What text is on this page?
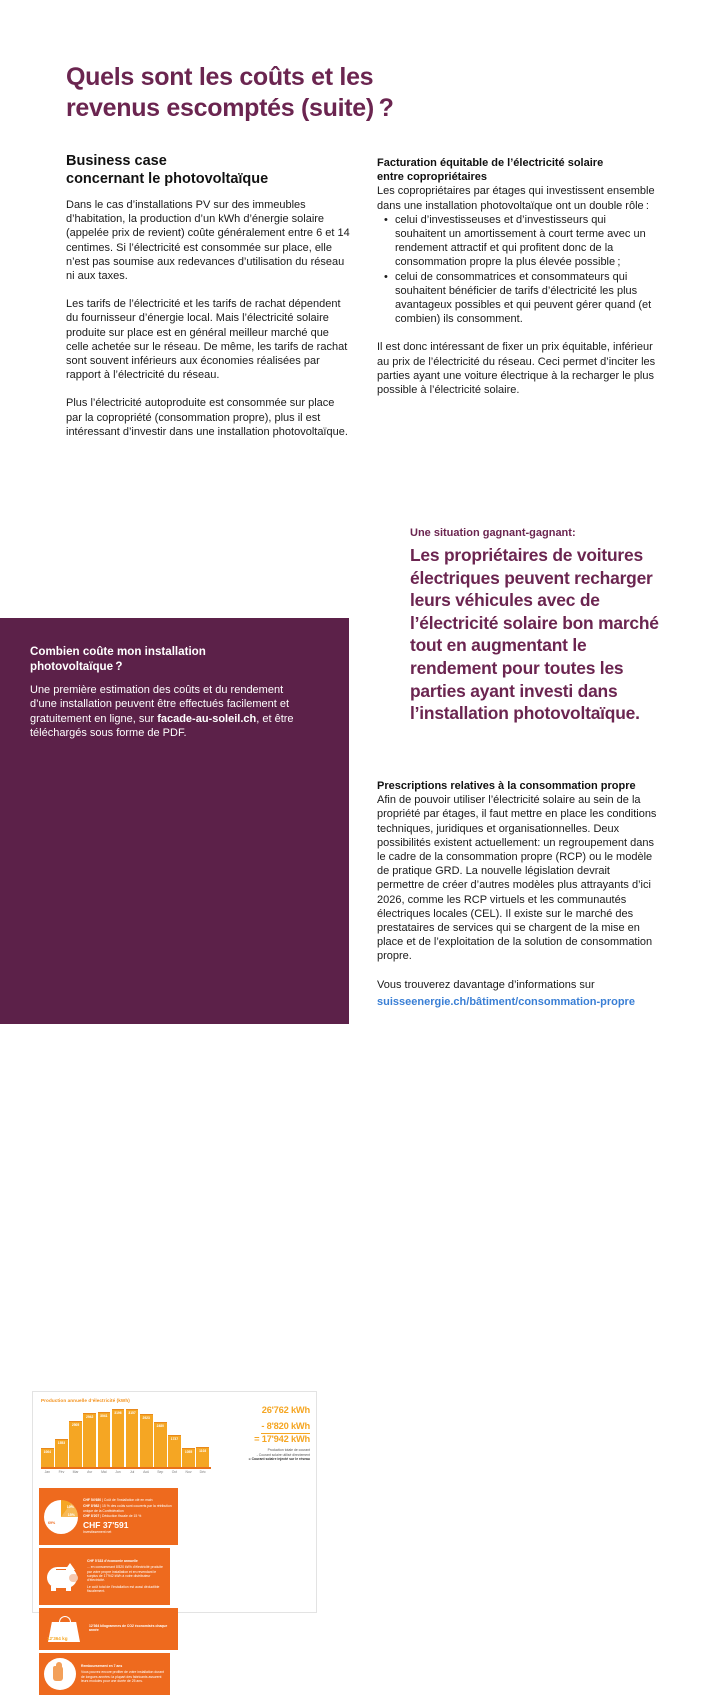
Quels sont les coûts et les
revenus escomptés (suite) ?
Business case
concernant le photovoltaïque

Dans le cas d’installations PV sur des immeubles d’habitation, la production d’un kWh d’énergie solaire (appelée prix de revient) coûte généralement entre 6 et 14 centimes. Si l’électricité est consommée sur place, elle n’est pas soumise aux redevances d’utilisation du réseau ni aux taxes.

Les tarifs de l’électricité et les tarifs de rachat dépendent du fournisseur d’énergie local. Mais l’électricité solaire produite sur place est en général meilleur marché que celle achetée sur le réseau. De même, les tarifs de rachat sont souvent inférieurs aux économies réalisées par rapport à l’électricité du réseau.

Plus l’électricité autoproduite est consommée sur place par la copropriété (consommation propre), plus il est intéressant d’investir dans une installation photovoltaïque.

Facturation équitable de l’électricité solaire
entre copropriétaires

Les copropriétaires par étages qui investissent ensemble dans une installation photovoltaïque ont un double rôle :

• celui d’investisseuses et d’investisseurs qui souhaitent un amortissement à court terme avec un rendement attractif et qui profitent donc de la consommation propre la plus élevée possible ;
• celui de consommatrices et consommateurs qui souhaitent bénéficier de tarifs d’électricité les plus avantageux possibles et qui peuvent gérer quand (et combien) ils consomment.

Il est donc intéressant de fixer un prix équitable, inférieur au prix de l’électricité du réseau. Ceci permet d’inciter les parties ayant une voiture électrique à la recharger le plus possible à l’électricité solaire.

Une situation gagnant-gagnant:
Les propriétaires de voitures électriques peuvent recharger leurs véhicules avec de l’électricité solaire bon marché tout en augmentant le rendement pour toutes les parties ayant investi dans l’installation photovoltaïque.
Combien coûte mon installation
photovoltaïque ?
Une première estimation des coûts et du rendement d’une installation peuvent être effectués facilement et gratuitement en ligne, sur facade-au-soleil.ch, et être téléchargés sous forme de PDF.
Production annuelle d’électricité (kWh)
1064
1553
2505
2942 3041
3196 3157
2923
2480
1737
1055 1103
Jan	Fév	Mar	Avr	Mai	Jun	Jul	Aoû	Sep	Oct	Nov	Déc
26'762 kWh
- 8'820 kWh
= 17'942 kWh
Production totale de courant
- Courant solaire utilisé directement
= Courant solaire injecté sur le réseau
10%
15%
69%
CHF 54'680 | Coût de l’installation clé en main
CHF 8'982 | 15 % des coûts sont couverts par la rétribution unique de la Confédération
CHF 8'207 | Déduction fiscale de 15 %
CHF 37'591
Investissement net
CHF 5'333 d’économie annuelle
... en consommant 8'820 kWh d’électricité produite par votre propre installation et en revendant le surplus de 17'942 kWh à votre distributeur d’électricité.
Le coût total de l’installation est aussi déductible fiscalement.
12'364 kg
12'364 kilogrammes de CO2 économisés chaque année
Remboursement en 7 ans
Vous pouvez encore profiter de votre installation durant de longues années: la plupart des fabricants assurent leurs modules pour une durée de 25 ans.
Prescriptions relatives à la consommation propre

Afin de pouvoir utiliser l’électricité solaire au sein de la propriété par étages, il faut mettre en place les conditions techniques, juridiques et organisationnelles. Deux possibilités existent actuellement: un regroupement dans le cadre de la consommation propre (RCP) ou le modèle de pratique GRD. La nouvelle législation devrait permettre de créer d’autres modèles plus attrayants d’ici 2026, comme les RCP virtuels et les communautés électriques locales (CEL). Il existe sur le marché des prestataires de services qui se chargent de la mise en place et de l’exploitation de la solution de consommation propre.

Vous trouverez davantage d’informations sur

suisseenergie.ch/bâtiment/consommation-propre
